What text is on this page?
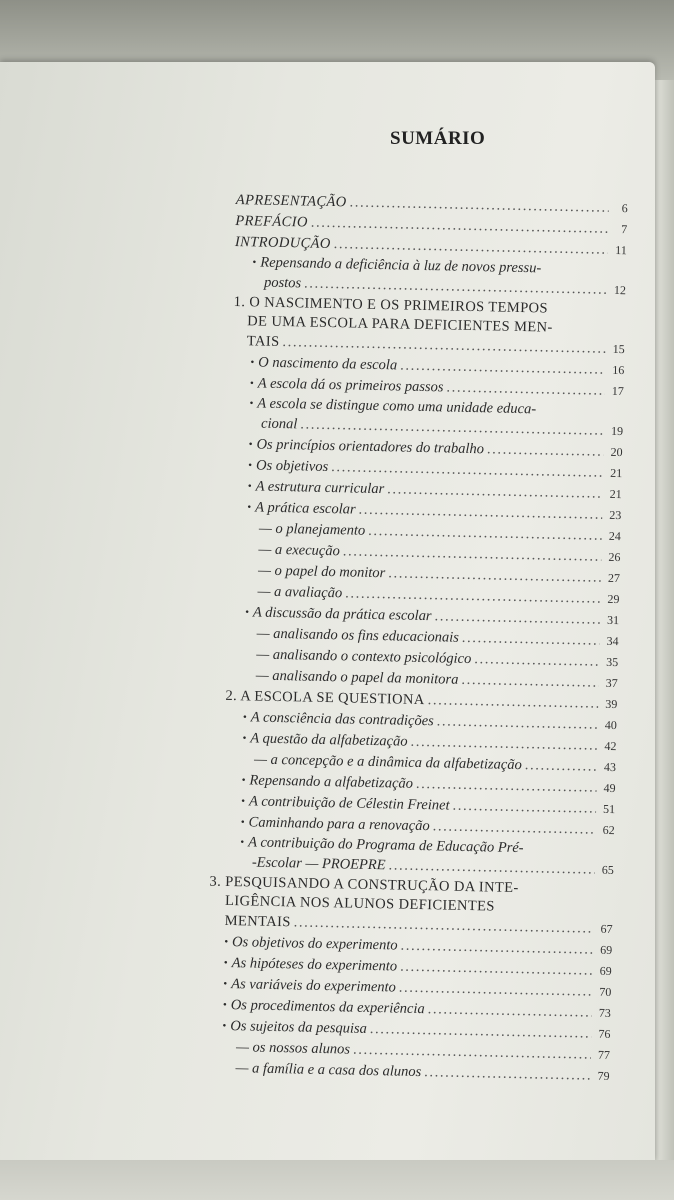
SUMÁRIO
APRESENTAÇÃO . . .	6
PREFÁCIO . . .	7
INTRODUÇÃO . . .	11
• Repensando a deficiência à luz de novos pressu-
postos . . .	12
1. O NASCIMENTO E OS PRIMEIROS TEMPOS
DE UMA ESCOLA PARA DEFICIENTES MEN-
TAIS . . .	15
• O nascimento da escola . . .	16
• A escola dá os primeiros passos . . .	17
• A escola se distingue como uma unidade educa-
cional . . .	19
• Os princípios orientadores do trabalho . . .	20
• Os objetivos . . .	21
• A estrutura curricular . . .	21
• A prática escolar . . .	23
— o planejamento . . .	24
— a execução . . .	26
— o papel do monitor . . .	27
— a avaliação . . .	29
• A discussão da prática escolar . . .	31
— analisando os fins educacionais . . .	34
— analisando o contexto psicológico . . .	35
— analisando o papel da monitora . . .	37
2. A ESCOLA SE QUESTIONA . . .	39
• A consciência das contradições . . .	40
• A questão da alfabetização . . .	42
— a concepção e a dinâmica da alfabetização . . .	43
• Repensando a alfabetização . . .	49
• A contribuição de Célestin Freinet . . .	51
• Caminhando para a renovação . . .	62
• A contribuição do Programa de Educação Pré-
-Escolar — PROEPRE . . .	65
3. PESQUISANDO A CONSTRUÇÃO DA INTE-
LIGÊNCIA NOS ALUNOS DEFICIENTES
MENTAIS . . .	67
• Os objetivos do experimento . . .	69
• As hipóteses do experimento . . .	69
• As variáveis do experimento . . .	70
• Os procedimentos da experiência . . .	73
• Os sujeitos da pesquisa . . .	76
— os nossos alunos . . .	77
— a família e a casa dos alunos . . .	79
